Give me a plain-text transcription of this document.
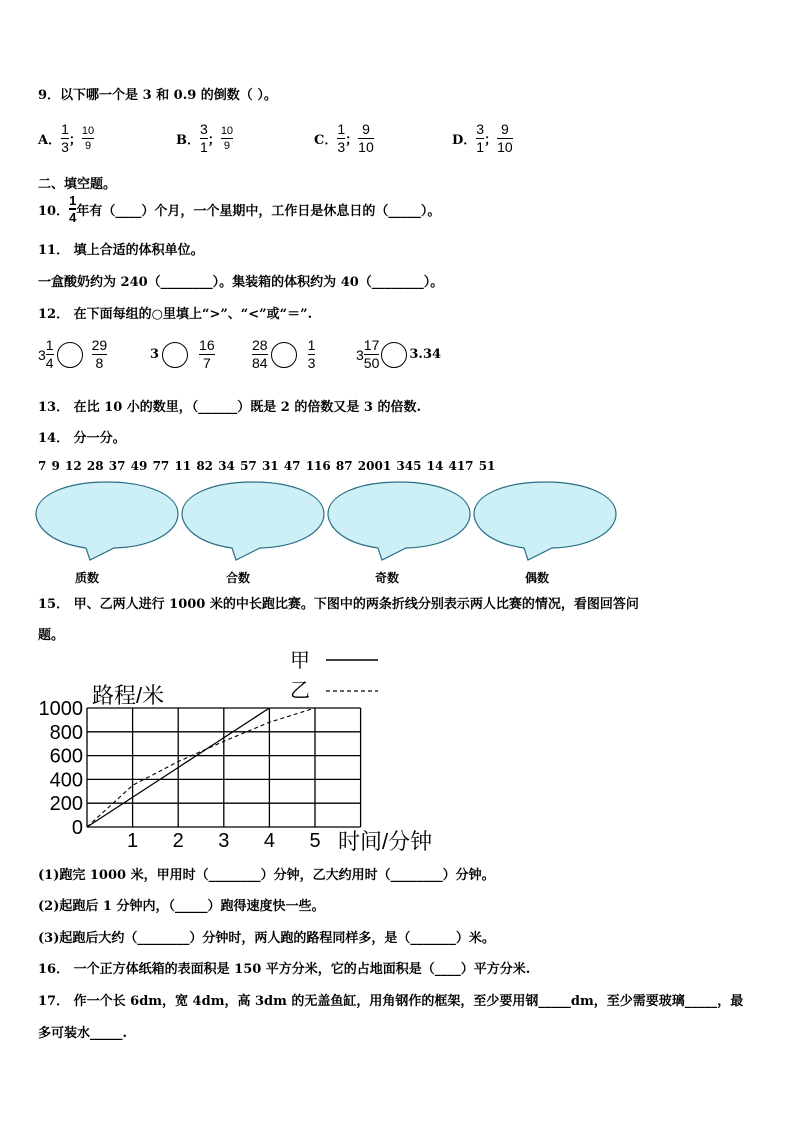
9．以下哪一个是 3 和 0.9 的倒数（ ）。
A． $\frac{1}{3}$ ； $\frac{10}{9}$	B． $\frac{3}{1}$ ； $\frac{10}{9}$	C． $\frac{1}{3}$ ； $\frac{9}{10}$	D． $\frac{3}{1}$ ； $\frac{9}{10}$
二、填空题。
10． $\frac{1}{4}$ 年有（____）个月，一个星期中，工作日是休息日的（_____）。
11． 填上合适的体积单位。
一盒酸奶约为 240（________）。集装箱的体积约为 40（________）。
12． 在下面每组的○里填上“>”、“<”或“＝”.
$3 \frac{1}{4}$	$\frac{29}{8}$	3	$\frac{16}{7}$	$\frac{28}{84}$	$\frac{1}{3}$	$3 \frac{17}{50} 3.34$
13． 在比 10 小的数里，（______）既是 2 的倍数又是 3 的倍数.
14． 分一分。
7 9 12 28 37 49 77 11 82 34 57 31 47 116 87 2001 345 14 417 51
质数	合数	奇数	偶数
15． 甲、乙两人进行 1000 米的中长跑比赛。下图中的两条折线分别表示两人比赛的情况，看图回答问
题。
路程/米
时间/分钟
0
200
400
600
800
1000
1 2 3 4 5
甲
乙
(1)跑完 1000 米，甲用时（________）分钟，乙大约用时（________）分钟。
(2)起跑后 1 分钟内，（_____）跑得速度快一些。
(3)起跑后大约（________）分钟时，两人跑的路程同样多，是（_______）米。
16． 一个正方体纸箱的表面积是 150 平方分米，它的占地面积是（____）平方分米.
17． 作一个长 6dm，宽 4dm，高 3dm 的无盖鱼缸，用角钢作的框架，至少要用钢_____dm，至少需要玻璃_____，最
多可装水_____.
